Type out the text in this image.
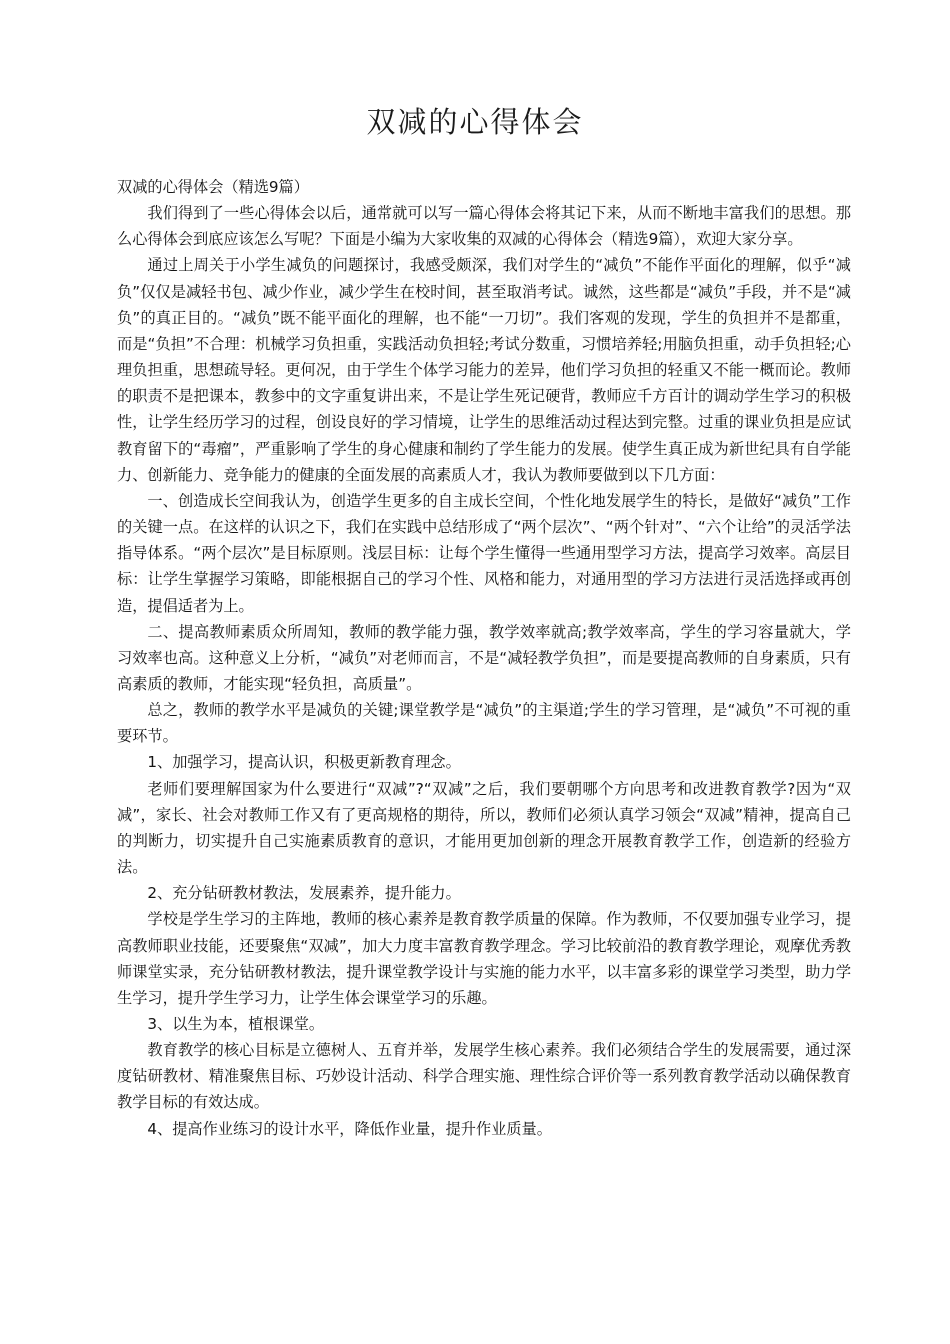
双减的心得体会

双减的心得体会（精选9篇）

我们得到了一些心得体会以后，通常就可以写一篇心得体会将其记下来，从而不断地丰富我们的思想。那么心得体会到底应该怎么写呢？下面是小编为大家收集的双减的心得体会（精选9篇），欢迎大家分享。

通过上周关于小学生减负的问题探讨，我感受颇深，我们对学生的“减负”不能作平面化的理解，似乎“减负”仅仅是减轻书包、减少作业，减少学生在校时间，甚至取消考试。诚然，这些都是“减负”手段，并不是“减负”的真正目的。“减负”既不能平面化的理解，也不能“一刀切”。我们客观的发现，学生的负担并不是都重，而是“负担”不合理：机械学习负担重，实践活动负担轻;考试分数重，习惯培养轻;用脑负担重，动手负担轻;心理负担重，思想疏导轻。更何况，由于学生个体学习能力的差异，他们学习负担的轻重又不能一概而论。教师的职责不是把课本，教参中的文字重复讲出来，不是让学生死记硬背，教师应千方百计的调动学生学习的积极性，让学生经历学习的过程，创设良好的学习情境，让学生的思维活动过程达到完整。过重的课业负担是应试教育留下的“毒瘤”，严重影响了学生的身心健康和制约了学生能力的发展。使学生真正成为新世纪具有自学能力、创新能力、竞争能力的健康的全面发展的高素质人才，我认为教师要做到以下几方面：

一、创造成长空间我认为，创造学生更多的自主成长空间，个性化地发展学生的特长，是做好“减负”工作的关键一点。在这样的认识之下，我们在实践中总结形成了“两个层次”、“两个针对”、“六个让给”的灵活学法指导体系。“两个层次”是目标原则。浅层目标：让每个学生懂得一些通用型学习方法，提高学习效率。高层目标：让学生掌握学习策略，即能根据自己的学习个性、风格和能力，对通用型的学习方法进行灵活选择或再创造，提倡适者为上。

二、提高教师素质众所周知，教师的教学能力强，教学效率就高;教学效率高，学生的学习容量就大，学习效率也高。这种意义上分析，“减负”对老师而言，不是“减轻教学负担”，而是要提高教师的自身素质，只有高素质的教师，才能实现“轻负担，高质量”。

总之，教师的教学水平是减负的关键;课堂教学是“减负”的主渠道;学生的学习管理，是“减负”不可视的重要环节。

1、加强学习，提高认识，积极更新教育理念。

老师们要理解国家为什么要进行“双减”?“双减”之后，我们要朝哪个方向思考和改进教育教学?因为“双减”，家长、社会对教师工作又有了更高规格的期待，所以，教师们必须认真学习领会“双减”精神，提高自己的判断力，切实提升自己实施素质教育的意识，才能用更加创新的理念开展教育教学工作，创造新的经验方法。

2、充分钻研教材教法，发展素养，提升能力。

学校是学生学习的主阵地，教师的核心素养是教育教学质量的保障。作为教师，不仅要加强专业学习，提高教师职业技能，还要聚焦“双减”，加大力度丰富教育教学理念。学习比较前沿的教育教学理论，观摩优秀教师课堂实录，充分钻研教材教法，提升课堂教学设计与实施的能力水平，以丰富多彩的课堂学习类型，助力学生学习，提升学生学习力，让学生体会课堂学习的乐趣。

3、以生为本，植根课堂。

教育教学的核心目标是立德树人、五育并举，发展学生核心素养。我们必须结合学生的发展需要，通过深度钻研教材、精准聚焦目标、巧妙设计活动、科学合理实施、理性综合评价等一系列教育教学活动以确保教育教学目标的有效达成。

4、提高作业练习的设计水平，降低作业量，提升作业质量。
